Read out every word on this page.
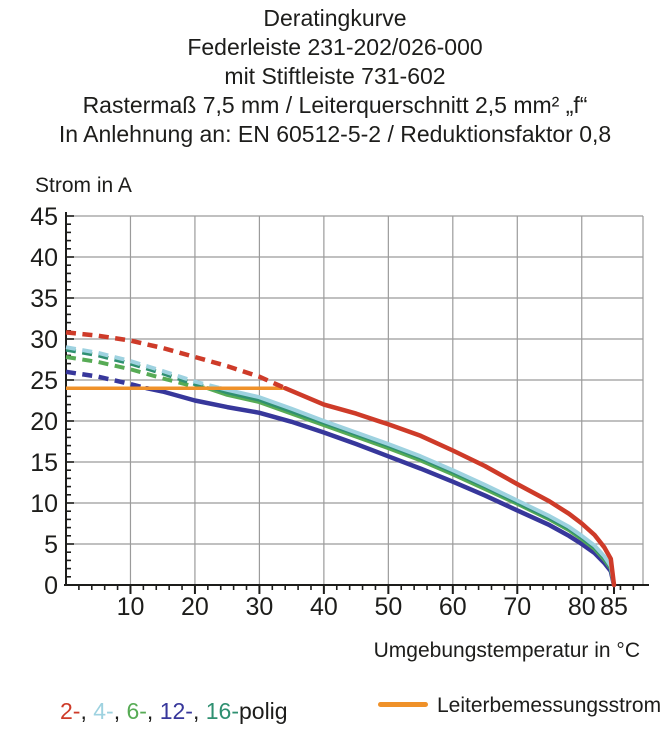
Deratingkurve
Federleiste 231-202/026-000
mit Stiftleiste 731-602
Rastermaß 7,5 mm / Leiterquerschnitt 2,5 mm² „f“
In Anlehnung an: EN 60512-5-2 / Reduktionsfaktor 0,8
Strom in A
0
5
10
15
20
25
30
35
40
45
10 20 30 40 50 60 70 80 85
Umgebungstemperatur in °C
2-, 4-, 6-, 12-, 16-polig	Leiterbemessungsstrom
